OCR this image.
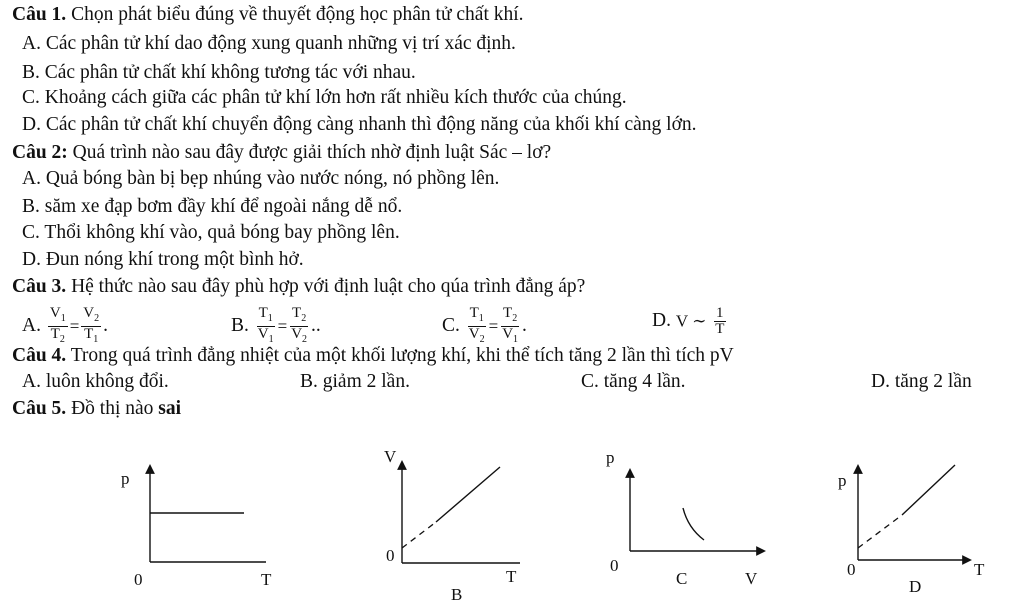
Câu 1. Chọn phát biểu đúng về thuyết động học phân tử chất khí.
A. Các phân tử khí dao động xung quanh những vị trí xác định.
B. Các phân tử chất khí không tương tác với nhau.
C. Khoảng cách giữa các phân tử khí lớn hơn rất nhiều kích thước của chúng.
D. Các phân tử chất khí chuyển động càng nhanh thì động năng của khối khí càng lớn.
Câu 2: Quá trình nào sau đây được giải thích nhờ định luật Sác – lơ?
A. Quả bóng bàn bị bẹp nhúng vào nước nóng, nó phồng lên.
B. săm xe đạp bơm đầy khí để ngoài nắng dễ nổ.
C. Thổi không khí vào, quả bóng bay phồng lên.
D. Đun nóng khí trong một bình hở.
Câu 3. Hệ thức nào sau đây phù hợp với định luật cho qúa trình đẳng áp?
A. $\frac{V_1}{T_2} = \frac{V_2}{T_1}$ .	B. $\frac{T_1}{V_1} = \frac{T_2}{V_2}$ ..	C. $\frac{T_1}{V_2} = \frac{T_2}{V_1}$ .	D. V ∼ $\frac{1}{T}$
Câu 4. Trong quá trình đẳng nhiệt của một khối lượng khí, khi thể tích tăng 2 lần thì tích pV
A. luôn không đổi.	B. giảm 2 lần.	C. tăng 4 lần.	D. tăng 2 lần
Câu 5. Đồ thị nào sai
p
0	T
V
0
T
B
p
0
V
C
p
0	T
D
